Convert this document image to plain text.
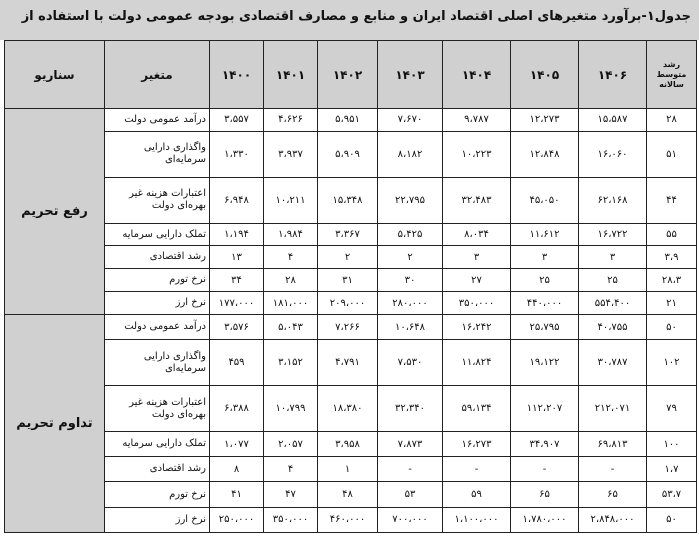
جدول۱-برآورد متغیرهای اصلی اقتصاد ایران و منابع و مصارف اقتصادی بودجه عمومی دولت با استفاده از
رشد متوسط سالانه	۱۴۰۶	۱۴۰۵	۱۴۰۴	۱۴۰۳	۱۴۰۲	۱۴۰۱	۱۴۰۰	متغیر	سناریو
۲۸	۱۵،۵۸۷	۱۲،۲۷۳	۹،۷۸۷	۷،۶۷۰	۵،۹۵۱	۴،۶۲۶	۳،۵۵۷	درآمد عمومی دولت	رفع تحریم
۵۱	۱۶،۰۶۰	۱۲،۸۴۸	۱۰،۲۲۳	۸،۱۸۲	۵،۹۰۹	۳،۹۳۷	۱،۳۳۰	واگذاری دارایی سرمایه‌ای	
۴۴	۶۲،۱۶۸	۴۵،۰۵۰	۳۲،۴۸۳	۲۲،۷۹۵	۱۵،۳۴۸	۱۰،۲۱۱	۶،۹۴۸	اعتبارات هزینه غیر بهره‌ای دولت	
۵۵	۱۶،۷۲۲	۱۱،۶۱۲	۸،۰۳۴	۵،۴۲۵	۳،۳۶۷	۱،۹۸۴	۱،۱۹۴	تملک دارایی سرمایه	
۳،۹	۳	۳	۳	۲	۲	۴	۱۳	رشد اقتصادی	
۲۸،۳	۲۵	۲۵	۲۷	۳۰	۳۱	۲۸	۳۴	نرخ تورم	
۲۱	۵۵۴،۴۰۰	۴۴۰،۰۰۰	۳۵۰،۰۰۰	۲۸۰،۰۰۰	۲۰۹،۰۰۰	۱۸۱،۰۰۰	۱۷۷،۰۰۰	نرخ ارز	
۵۰	۴۰،۷۵۵	۲۵،۷۹۵	۱۶،۲۴۲	۱۰،۶۴۸	۷،۲۶۶	۵،۰۴۳	۳،۵۷۶	درآمد عمومی دولت	تداوم تحریم
۱۰۲	۳۰،۷۸۷	۱۹،۱۲۲	۱۱،۸۲۴	۷،۵۳۰	۴،۷۹۱	۳،۱۵۲	۴۵۹	واگذاری دارایی سرمایه‌ای	
۷۹	۲۱۲،۰۷۱	۱۱۲،۲۰۷	۵۹،۱۳۴	۳۲،۳۴۰	۱۸،۳۸۰	۱۰،۷۹۹	۶،۳۸۸	اعتبارات هزینه غیر بهره‌ای دولت	
۱۰۰	۶۹،۸۱۳	۳۴،۹۰۷	۱۶،۲۷۳	۷،۸۷۳	۳،۹۵۸	۲،۰۵۷	۱،۰۷۷	تملک دارایی سرمایه	
۱،۷	-	-	-	-	۱	۴	۸	رشد اقتصادی	
۵۳،۷	۶۵	۶۵	۵۹	۵۳	۴۸	۴۷	۴۱	نرخ تورم	
۵۰	۲،۸۴۸،۰۰۰	۱،۷۸۰،۰۰۰	۱،۱۰۰،۰۰۰	۷۰۰،۰۰۰	۴۶۰،۰۰۰	۳۵۰،۰۰۰	۲۵۰،۰۰۰	نرخ ارز	
